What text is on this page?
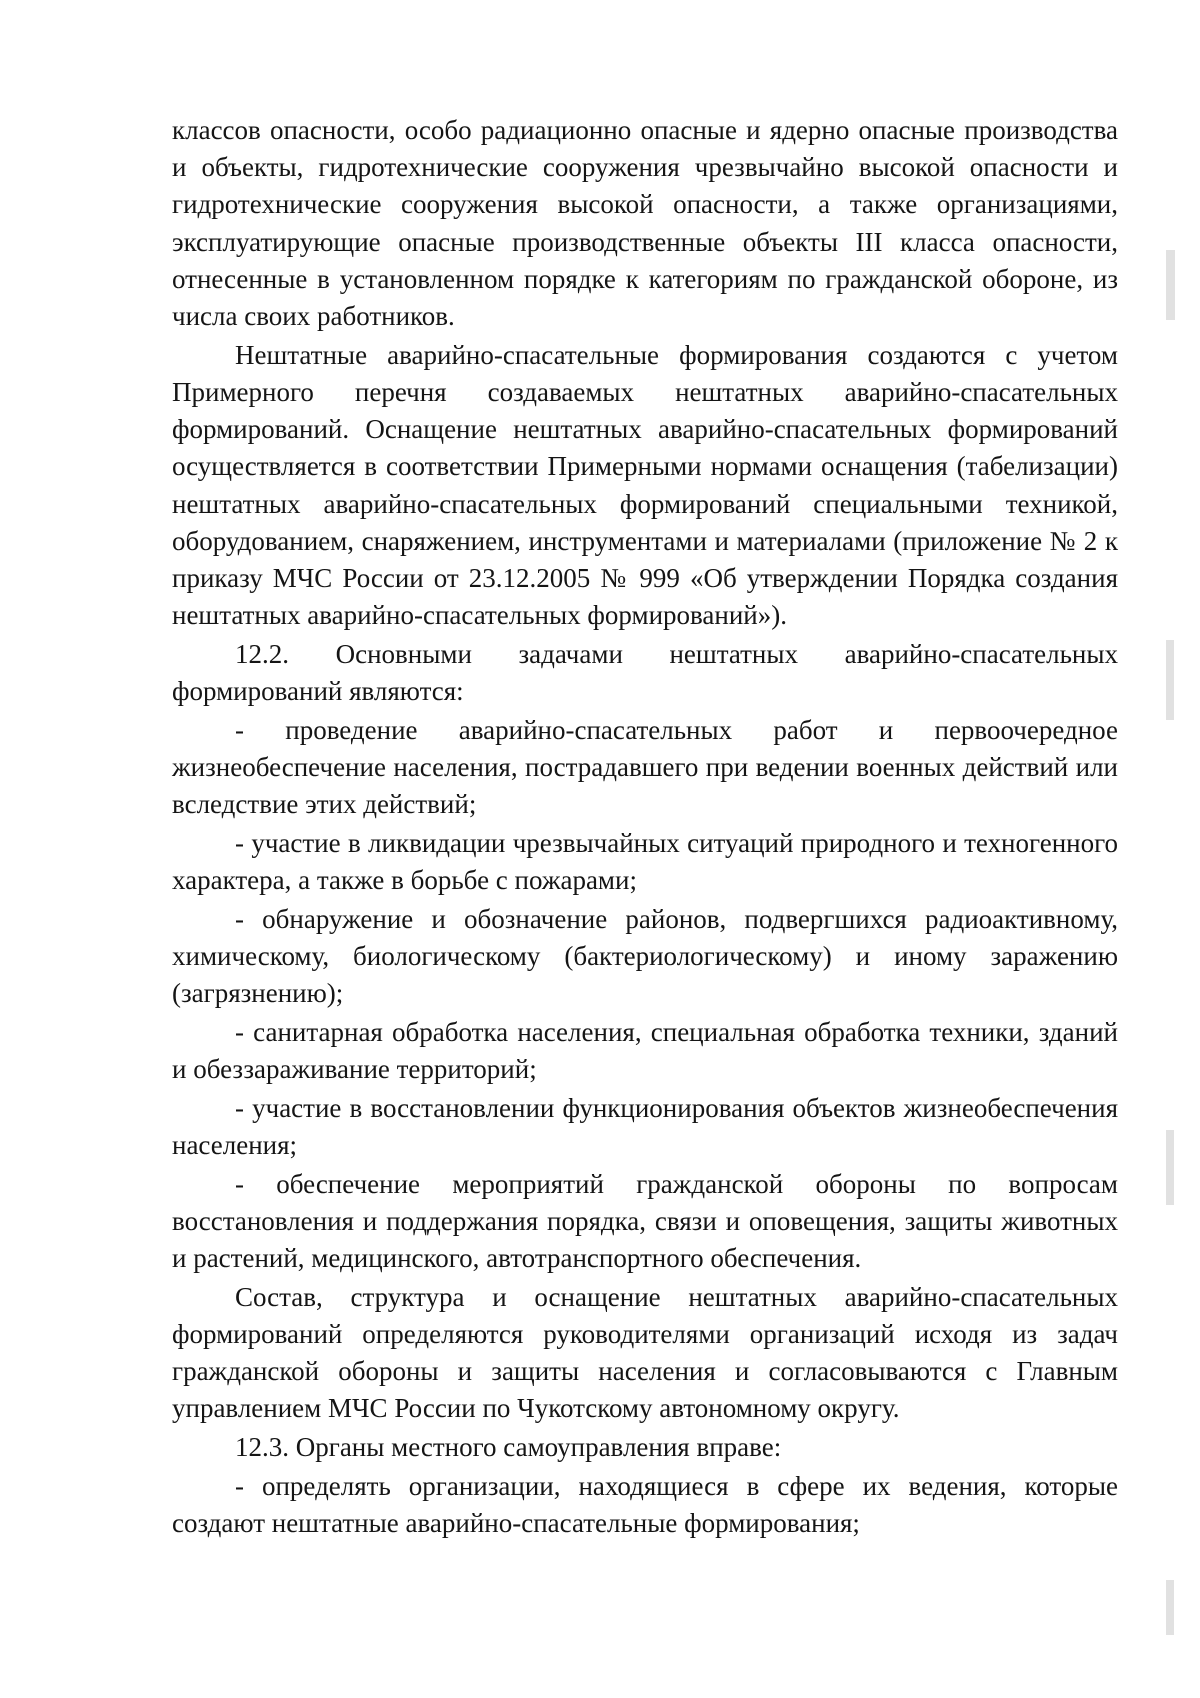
классов опасности, особо радиационно опасные и ядерно опасные производства и объекты, гидротехнические сооружения чрезвычайно высокой опасности и гидротехнические сооружения высокой опасности, а также организациями, эксплуатирующие опасные производственные объекты III класса опасности, отнесенные в установленном порядке к категориям по гражданской обороне, из числа своих работников.

Нештатные аварийно-спасательные формирования создаются с учетом Примерного перечня создаваемых нештатных аварийно-спасательных формирований. Оснащение нештатных аварийно-спасательных формирований осуществляется в соответствии Примерными нормами оснащения (табелизации) нештатных аварийно-спасательных формирований специальными техникой, оборудованием, снаряжением, инструментами и материалами (приложение № 2 к приказу МЧС России от 23.12.2005 № 999 «Об утверждении Порядка создания нештатных аварийно-спасательных формирований»).

12.2. Основными задачами нештатных аварийно-спасательных формирований являются:

- проведение аварийно-спасательных работ и первоочередное жизнеобеспечение населения, пострадавшего при ведении военных действий или вследствие этих действий;

- участие в ликвидации чрезвычайных ситуаций природного и техногенного характера, а также в борьбе с пожарами;

- обнаружение и обозначение районов, подвергшихся радиоактивному, химическому, биологическому (бактериологическому) и иному заражению (загрязнению);

- санитарная обработка населения, специальная обработка техники, зданий и обеззараживание территорий;

- участие в восстановлении функционирования объектов жизнеобеспечения населения;

- обеспечение мероприятий гражданской обороны по вопросам восстановления и поддержания порядка, связи и оповещения, защиты животных и растений, медицинского, автотранспортного обеспечения.

Состав, структура и оснащение нештатных аварийно-спасательных формирований определяются руководителями организаций исходя из задач гражданской обороны и защиты населения и согласовываются с Главным управлением МЧС России по Чукотскому автономному округу.

12.3. Органы местного самоуправления вправе:

- определять организации, находящиеся в сфере их ведения, которые создают нештатные аварийно-спасательные формирования;
